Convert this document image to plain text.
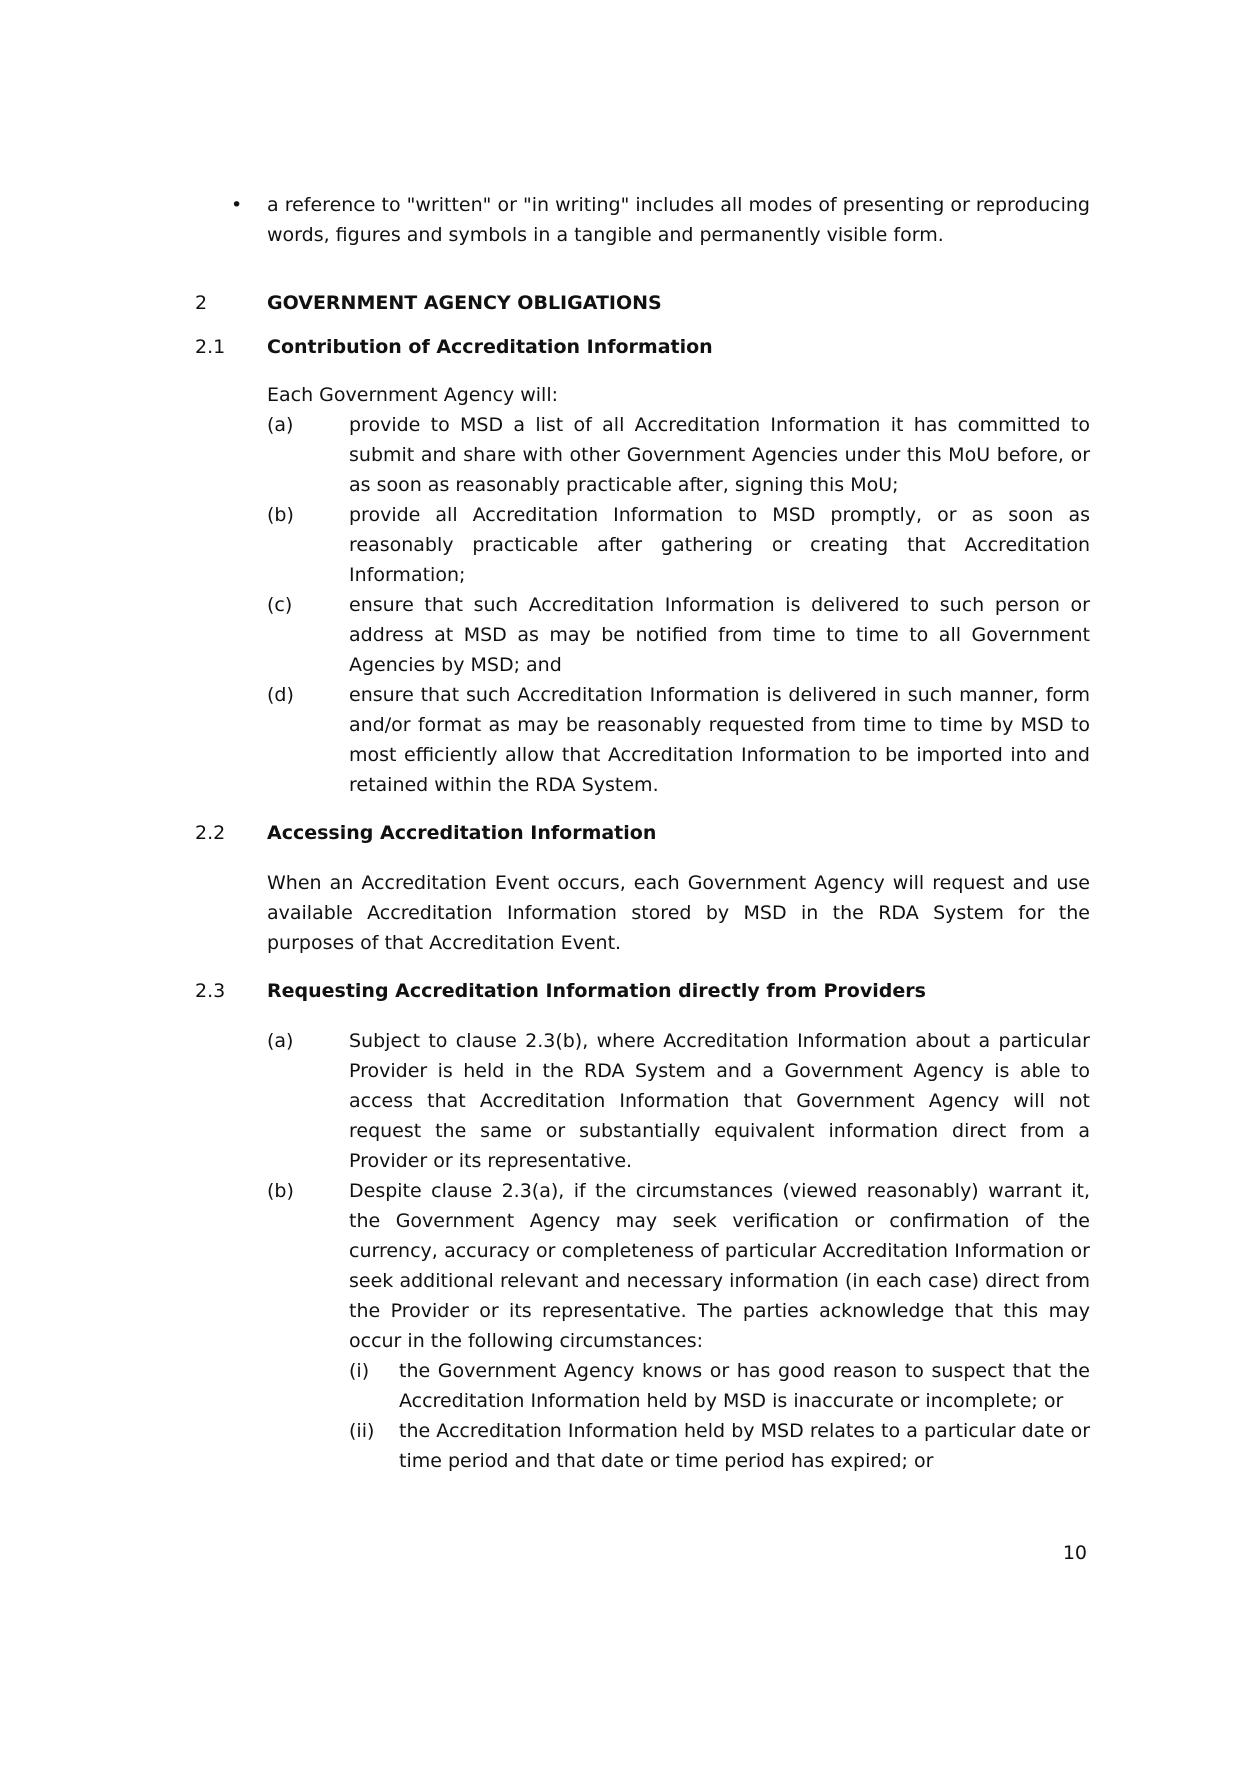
•	a reference to "written" or "in writing" includes all modes of presenting or reproducing words, figures and symbols in a tangible and permanently visible form.
2	GOVERNMENT AGENCY OBLIGATIONS
2.1	Contribution of Accreditation Information
Each Government Agency will:
(a)	provide to MSD a list of all Accreditation Information it has committed to submit and share with other Government Agencies under this MoU before, or as soon as reasonably practicable after, signing this MoU;
(b)	provide all Accreditation Information to MSD promptly, or as soon as reasonably practicable after gathering or creating that Accreditation Information;
(c)	ensure that such Accreditation Information is delivered to such person or address at MSD as may be notified from time to time to all Government Agencies by MSD; and
(d)	ensure that such Accreditation Information is delivered in such manner, form and/or format as may be reasonably requested from time to time by MSD to most efficiently allow that Accreditation Information to be imported into and retained within the RDA System.
2.2	Accessing Accreditation Information
When an Accreditation Event occurs, each Government Agency will request and use available Accreditation Information stored by MSD in the RDA System for the purposes of that Accreditation Event.
2.3	Requesting Accreditation Information directly from Providers
(a)	Subject to clause 2.3(b), where Accreditation Information about a particular Provider is held in the RDA System and a Government Agency is able to access that Accreditation Information that Government Agency will not request the same or substantially equivalent information direct from a Provider or its representative.
(b)	Despite clause 2.3(a), if the circumstances (viewed reasonably) warrant it, the Government Agency may seek verification or confirmation of the currency, accuracy or completeness of particular Accreditation Information or seek additional relevant and necessary information (in each case) direct from the Provider or its representative. The parties acknowledge that this may occur in the following circumstances:
(i)	the Government Agency knows or has good reason to suspect that the Accreditation Information held by MSD is inaccurate or incomplete; or
(ii)	the Accreditation Information held by MSD relates to a particular date or time period and that date or time period has expired; or
10
